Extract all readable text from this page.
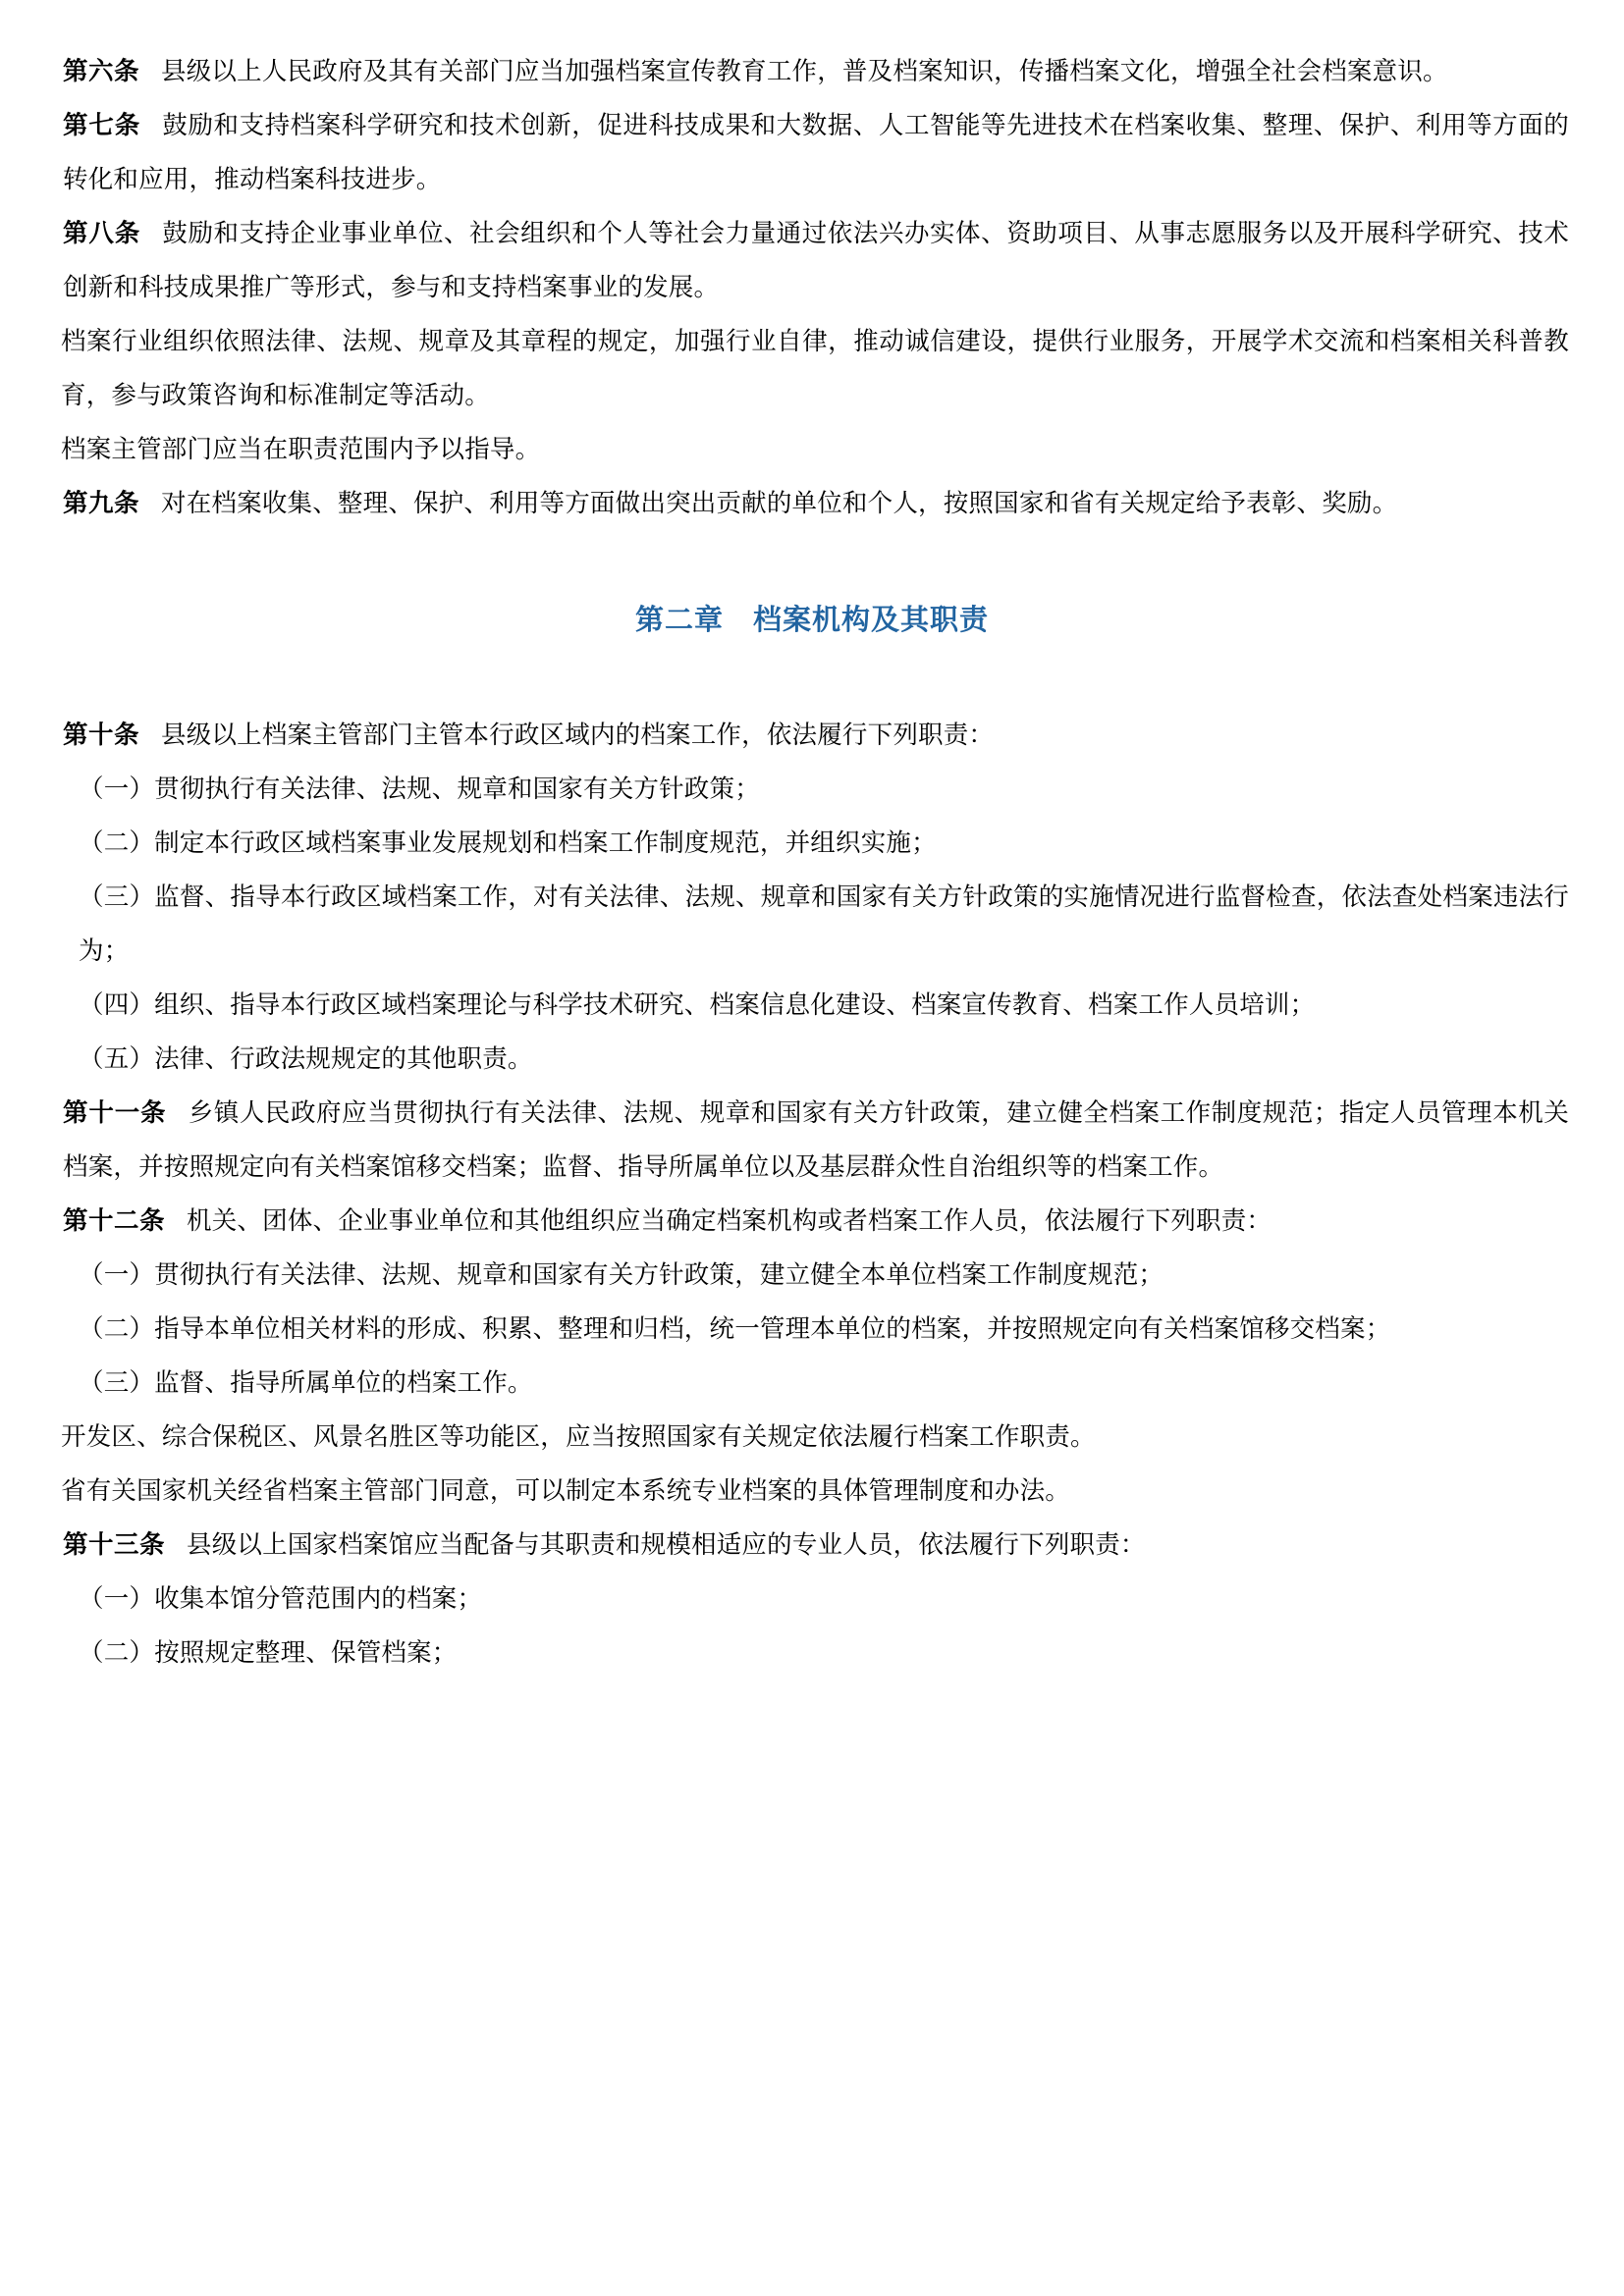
第六条 县级以上人民政府及其有关部门应当加强档案宣传教育工作，普及档案知识，传播档案文化，增强全社会档案意识。

第七条 鼓励和支持档案科学研究和技术创新，促进科技成果和大数据、人工智能等先进技术在档案收集、整理、保护、利用等方面的转化和应用，推动档案科技进步。

第八条 鼓励和支持企业事业单位、社会组织和个人等社会力量通过依法兴办实体、资助项目、从事志愿服务以及开展科学研究、技术创新和科技成果推广等形式，参与和支持档案事业的发展。

档案行业组织依照法律、法规、规章及其章程的规定，加强行业自律，推动诚信建设，提供行业服务，开展学术交流和档案相关科普教育，参与政策咨询和标准制定等活动。

档案主管部门应当在职责范围内予以指导。

第九条 对在档案收集、整理、保护、利用等方面做出突出贡献的单位和个人，按照国家和省有关规定给予表彰、奖励。

第二章 档案机构及其职责

第十条 县级以上档案主管部门主管本行政区域内的档案工作，依法履行下列职责：

（一）贯彻执行有关法律、法规、规章和国家有关方针政策；

（二）制定本行政区域档案事业发展规划和档案工作制度规范，并组织实施；

（三）监督、指导本行政区域档案工作，对有关法律、法规、规章和国家有关方针政策的实施情况进行监督检查，依法查处档案违法行为；

（四）组织、指导本行政区域档案理论与科学技术研究、档案信息化建设、档案宣传教育、档案工作人员培训；

（五）法律、行政法规规定的其他职责。

第十一条 乡镇人民政府应当贯彻执行有关法律、法规、规章和国家有关方针政策，建立健全档案工作制度规范；指定人员管理本机关档案，并按照规定向有关档案馆移交档案；监督、指导所属单位以及基层群众性自治组织等的档案工作。

第十二条 机关、团体、企业事业单位和其他组织应当确定档案机构或者档案工作人员，依法履行下列职责：

（一）贯彻执行有关法律、法规、规章和国家有关方针政策，建立健全本单位档案工作制度规范；

（二）指导本单位相关材料的形成、积累、整理和归档，统一管理本单位的档案，并按照规定向有关档案馆移交档案；

（三）监督、指导所属单位的档案工作。

开发区、综合保税区、风景名胜区等功能区，应当按照国家有关规定依法履行档案工作职责。

省有关国家机关经省档案主管部门同意，可以制定本系统专业档案的具体管理制度和办法。

第十三条 县级以上国家档案馆应当配备与其职责和规模相适应的专业人员，依法履行下列职责：

（一）收集本馆分管范围内的档案；

（二）按照规定整理、保管档案；
